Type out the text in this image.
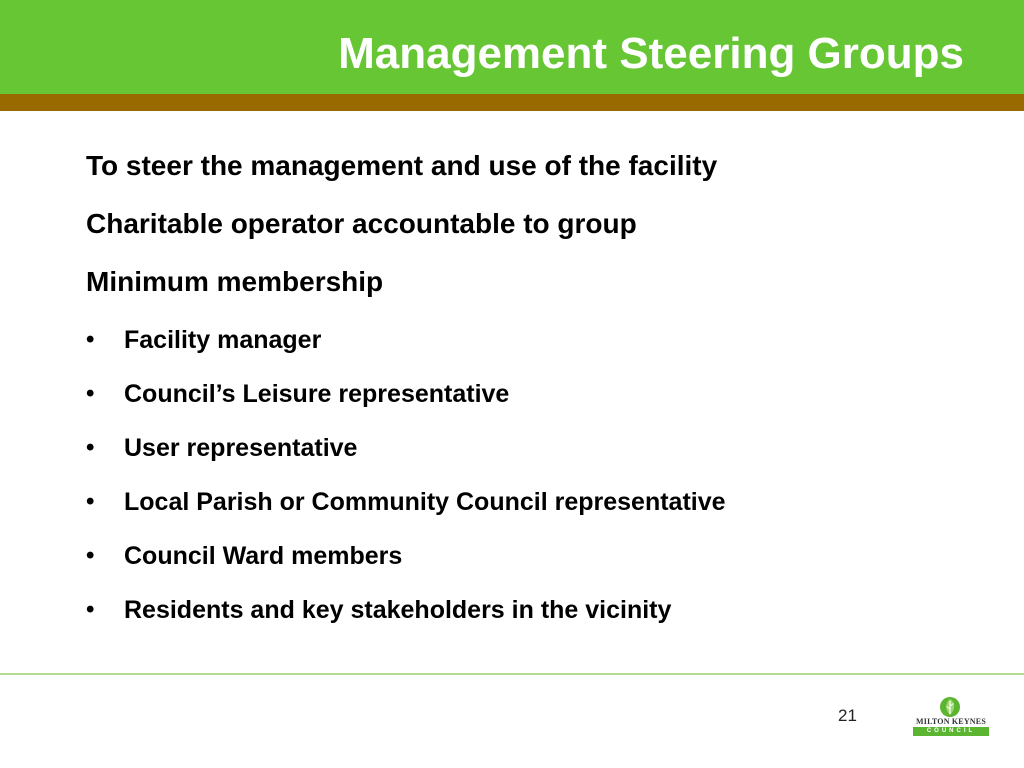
Management Steering Groups
To steer the management and use of the facility
Charitable operator accountable to group
Minimum membership
• Facility manager
• Council’s Leisure representative
• User representative
• Local Parish or Community Council representative
• Council Ward members
• Residents and key stakeholders in the vicinity
21	MILTON KEYNES
COUNCIL
